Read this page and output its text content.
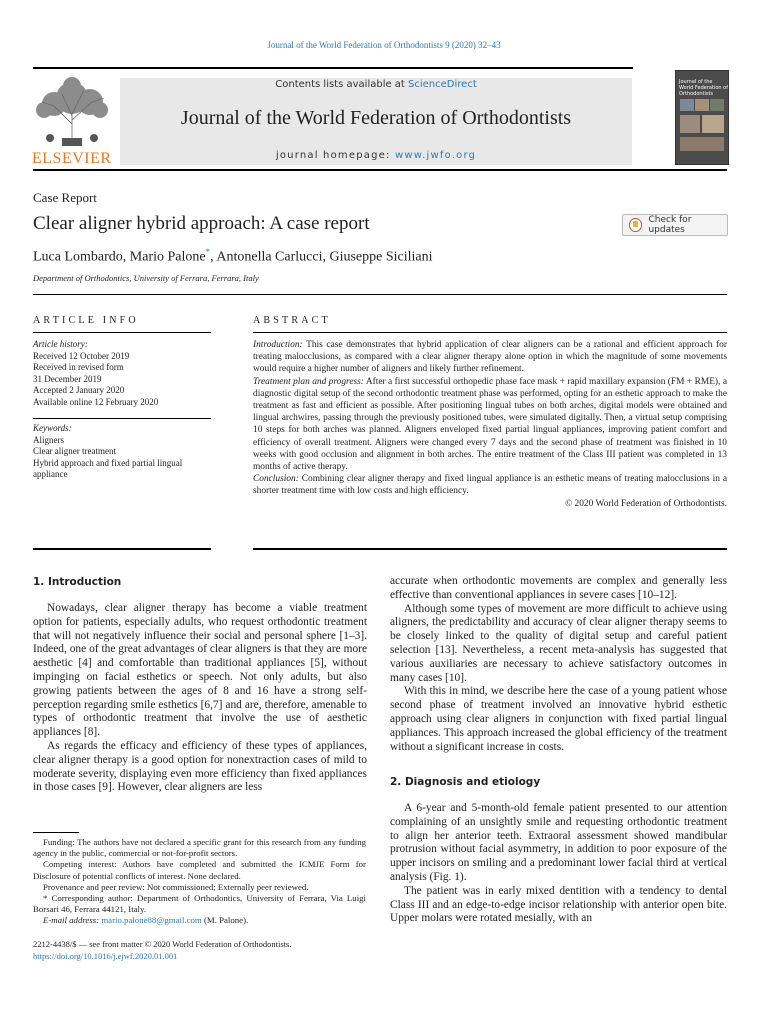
Journal of the World Federation of Orthodontists 9 (2020) 32–43
ELSEVIER
Contents lists available at ScienceDirect
Journal of the World Federation of Orthodontists
journal homepage: www.jwfo.org
Journal of the World Federation of Orthodontists
Case Report
Clear aligner hybrid approach: A case report	Check for updates
Luca Lombardo, Mario Palone*, Antonella Carlucci, Giuseppe Siciliani
Department of Orthodontics, University of Ferrara, Ferrara, Italy
ARTICLE INFO
Article history:
Received 12 October 2019
Received in revised form
31 December 2019
Accepted 2 January 2020
Available online 12 February 2020
Keywords:
Aligners
Clear aligner treatment
Hybrid approach and fixed partial lingual
appliance
ABSTRACT

Introduction: This case demonstrates that hybrid application of clear aligners can be a rational and efficient approach for treating malocclusions, as compared with a clear aligner therapy alone option in which the magnitude of some movements would require a higher number of aligners and likely further refinement.

Treatment plan and progress: After a first successful orthopedic phase face mask + rapid maxillary expansion (FM + RME), a diagnostic digital setup of the second orthodontic treatment phase was performed, opting for an esthetic approach to make the treatment as fast and efficient as possible. After positioning lingual tubes on both arches, digital models were obtained and lingual archwires, passing through the previously positioned tubes, were simulated digitally. Then, a virtual setup comprising 10 steps for both arches was planned. Aligners enveloped fixed partial lingual appliances, improving patient comfort and efficiency of overall treatment. Aligners were changed every 7 days and the second phase of treatment was finished in 10 weeks with good occlusion and alignment in both arches. The entire treatment of the Class III patient was completed in 13 months of active therapy.

Conclusion: Combining clear aligner therapy and fixed lingual appliance is an esthetic means of treating malocclusions in a shorter treatment time with low costs and high efficiency.

© 2020 World Federation of Orthodontists.

1. Introduction

Nowadays, clear aligner therapy has become a viable treatment option for patients, especially adults, who request orthodontic treatment that will not negatively influence their social and personal sphere [1–3]. Indeed, one of the great advantages of clear aligners is that they are more aesthetic [4] and comfortable than traditional appliances [5], without impinging on facial esthetics or speech. Not only adults, but also growing patients between the ages of 8 and 16 have a strong self-perception regarding smile esthetics [6,7] and are, therefore, amenable to types of orthodontic treatment that involve the use of aesthetic appliances [8].

As regards the efficacy and efficiency of these types of appliances, clear aligner therapy is a good option for nonextraction cases of mild to moderate severity, displaying even more efficiency than fixed appliances in those cases [9]. However, clear aligners are less

Funding: The authors have not declared a specific grant for this research from any funding agency in the public, commercial or not-for-profit sectors.

Competing interest: Authors have completed and submitted the ICMJE Form for Disclosure of potential conflicts of interest. None declared.

Provenance and peer review: Not commissioned; Externally peer reviewed.

* Corresponding author: Department of Orthodontics, University of Ferrara, Via Luigi Borsari 46, Ferrara 44121, Italy.

E-mail address: mario.palone88@gmail.com (M. Palone).

2212-4438/$ — see front matter © 2020 World Federation of Orthodontists.
https://doi.org/10.1016/j.ejwf.2020.01.001

accurate when orthodontic movements are complex and generally less effective than conventional appliances in severe cases [10–12].

Although some types of movement are more difficult to achieve using aligners, the predictability and accuracy of clear aligner therapy seems to be closely linked to the quality of digital setup and careful patient selection [13]. Nevertheless, a recent meta-analysis has suggested that various auxiliaries are necessary to achieve satisfactory outcomes in many cases [10].

With this in mind, we describe here the case of a young patient whose second phase of treatment involved an innovative hybrid esthetic approach using clear aligners in conjunction with fixed partial lingual appliances. This approach increased the global efficiency of the treatment without a significant increase in costs.

2. Diagnosis and etiology

A 6-year and 5-month-old female patient presented to our attention complaining of an unsightly smile and requesting orthodontic treatment to align her anterior teeth. Extraoral assessment showed mandibular protrusion without facial asymmetry, in addition to poor exposure of the upper incisors on smiling and a predominant lower facial third at vertical analysis (Fig. 1).

The patient was in early mixed dentition with a tendency to dental Class III and an edge-to-edge incisor relationship with anterior open bite. Upper molars were rotated mesially, with an
